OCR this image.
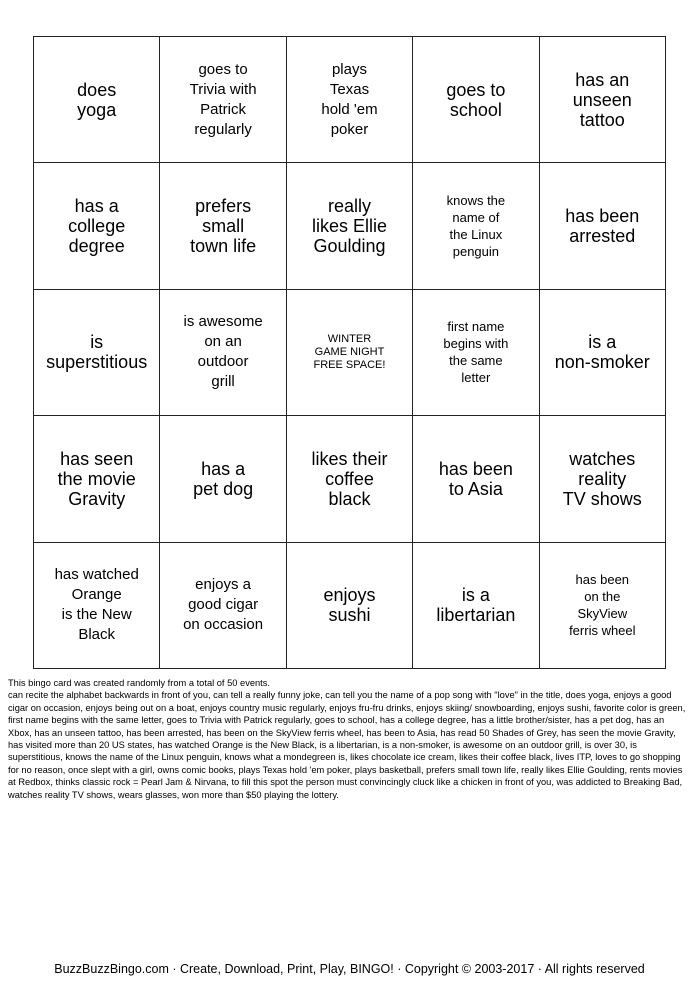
does
yoga
goes to
Trivia with
Patrick
regularly
plays
Texas
hold 'em
poker
goes to
school
has an
unseen
tattoo
has a
college
degree
prefers
small
town life
really
likes Ellie
Goulding
knows the
name of
the Linux
penguin
has been
arrested
is
superstitious
is awesome
on an
outdoor
grill
WINTER
GAME NIGHT
FREE SPACE!
first name
begins with
the same
letter
is a
non-smoker
has seen
the movie
Gravity
has a
pet dog
likes their
coffee
black
has been
to Asia
watches
reality
TV shows
has watched
Orange
is the New
Black
enjoys a
good cigar
on occasion
enjoys
sushi
is a
libertarian
has been
on the
SkyView
ferris wheel

This bingo card was created randomly from a total of 50 events.

can recite the alphabet backwards in front of you, can tell a really funny joke, can tell you the name of a pop song with "love" in the title, does yoga, enjoys a good cigar on occasion, enjoys being out on a boat, enjoys country music regularly, enjoys fru-fru drinks, enjoys skiing/ snowboarding, enjoys sushi, favorite color is green, first name begins with the same letter, goes to Trivia with Patrick regularly, goes to school, has a college degree, has a little brother/sister, has a pet dog, has an Xbox, has an unseen tattoo, has been arrested, has been on the SkyView ferris wheel, has been to Asia, has read 50 Shades of Grey, has seen the movie Gravity, has visited more than 20 US states, has watched Orange is the New Black, is a libertarian, is a non-smoker, is awesome on an outdoor grill, is over 30, is superstitious, knows the name of the Linux penguin, knows what a mondegreen is, likes chocolate ice cream, likes their coffee black, lives ITP, loves to go shopping for no reason, once slept with a girl, owns comic books, plays Texas hold 'em poker, plays basketball, prefers small town life, really likes Ellie Goulding, rents movies at Redbox, thinks classic rock = Pearl Jam & Nirvana, to fill this spot the person must convincingly cluck like a chicken in front of you, was addicted to Breaking Bad, watches reality TV shows, wears glasses, won more than $50 playing the lottery.

BuzzBuzzBingo.com · Create, Download, Print, Play, BINGO! · Copyright © 2003-2017 · All rights reserved
